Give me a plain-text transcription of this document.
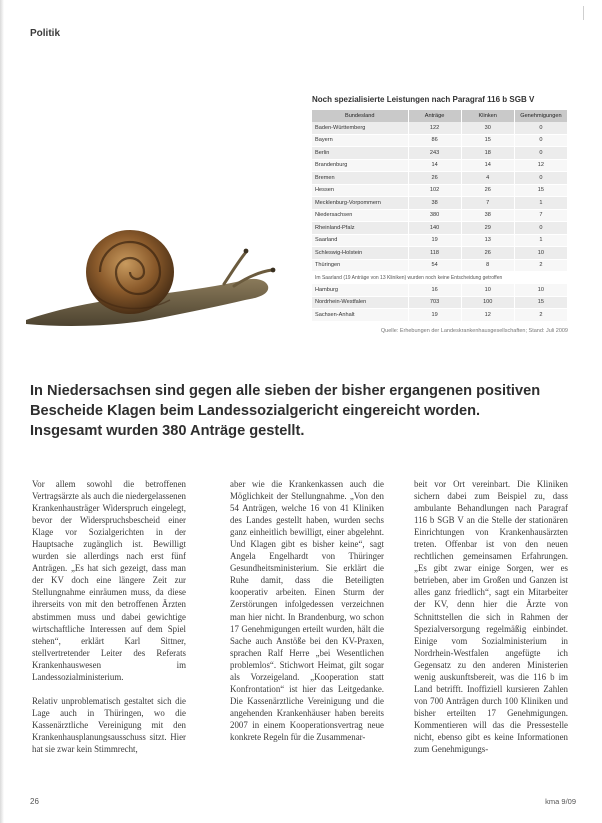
Politik
Noch spezialisierte Leistungen nach Paragraf 116 b SGB V
Bundesland	Anträge	Klinken	Genehmigungen
Baden-Württemberg	122	30	0
Bayern	86	15	0
Berlin	243	18	0
Brandenburg	14	14	12
Bremen	26	4	0
Hessen	102	26	15
Mecklenburg-Vorpommern	38	7	1
Niedersachsen	380	38	7
Rheinland-Pfalz	140	29	0
Saarland	19	13	1
Schleswig-Holstein	118	26	10
Thüringen	54	8	2
Im Saarland (19 Anträge von 13 Kliniken) wurden noch keine Entscheidung getroffen			
Hamburg	16	10	10
Nordrhein-Westfalen	703	100	15
Sachsen-Anhalt	19	12	2
Quelle: Erhebungen der Landeskrankenhausgesellschaften; Stand: Juli 2009
In Niedersachsen sind gegen alle sieben der bisher ergangenen positiven Bescheide Klagen beim Landessozialgericht eingereicht worden. Insgesamt wurden 380 Anträge gestellt.

Vor allem sowohl die betroffenen Vertragsärzte als auch die niedergelassenen Krankenhausträger Widerspruch eingelegt, bevor der Widerspruchsbescheid einer Klage vor Sozialgerichten in der Hauptsache zugänglich ist. Bewilligt wurden sie allerdings nach erst fünf Anträgen. „Es hat sich gezeigt, dass man der KV doch eine längere Zeit zur Stellungnahme einräumen muss, da diese ihrerseits von mit den betroffenen Ärzten abstimmen muss und dabei gewichtige wirtschaftliche Interessen auf dem Spiel stehen“, erklärt Karl Sittner, stellvertretender Leiter des Referats Krankenhauswesen im Landessozialministerium.

Relativ unproblematisch gestaltet sich die Lage auch in Thüringen, wo die Kassenärztliche Vereinigung mit den Krankenhausplanungsausschuss sitzt. Hier hat sie zwar kein Stimmrecht,

aber wie die Krankenkassen auch die Möglichkeit der Stellungnahme. „Von den 54 Anträgen, welche 16 von 41 Kliniken des Landes gestellt haben, wurden sechs ganz einheitlich bewilligt, einer abgelehnt. Und Klagen gibt es bisher keine“, sagt Angela Engelhardt von Thüringer Gesundheitsministerium. Sie erklärt die Ruhe damit, dass die Beteiligten kooperativ arbeiten. Einen Sturm der Zerstörungen infolgedessen verzeichnen man hier nicht. In Brandenburg, wo schon 17 Genehmigungen erteilt wurden, hält die Sache auch Anstöße bei den KV-Praxen, sprachen Ralf Herre „bei Wesentlichen problemlos“. Stichwort Heimat, gilt sogar als Vorzeigeland. „Kooperation statt Konfrontation“ ist hier das Leitgedanke. Die Kassenärztliche Vereinigung und die angehenden Krankenhäuser haben bereits 2007 in einem Kooperationsvertrag neue konkrete Regeln für die Zusammenar-

beit vor Ort vereinbart. Die Kliniken sichern dabei zum Beispiel zu, dass ambulante Behandlungen nach Paragraf 116 b SGB V an die Stelle der stationären Einrichtungen von Krankenhausärzten treten. Offenbar ist von den neuen rechtlichen gemeinsamen Erfahrungen. „Es gibt zwar einige Sorgen, wer es betrieben, aber im Großen und Ganzen ist alles ganz friedlich“, sagt ein Mitarbeiter der KV, denn hier die Ärzte von Schnittstellen die sich in Rahmen der Spezialversorgung regelmäßig einbindet. Einige vom Sozialministerium in Nordrhein-Westfalen angefügte ich Gegensatz zu den anderen Ministerien wenig auskunftsbereit, was die 116 b im Land betrifft. Inoffiziell kursieren Zahlen von 700 Anträgen durch 100 Kliniken und bisher erteilten 17 Genehmigungen. Kommentieren will das die Pressestelle nicht, ebenso gibt es keine Informationen zum Genehmigungs-

26	kma 9/09
